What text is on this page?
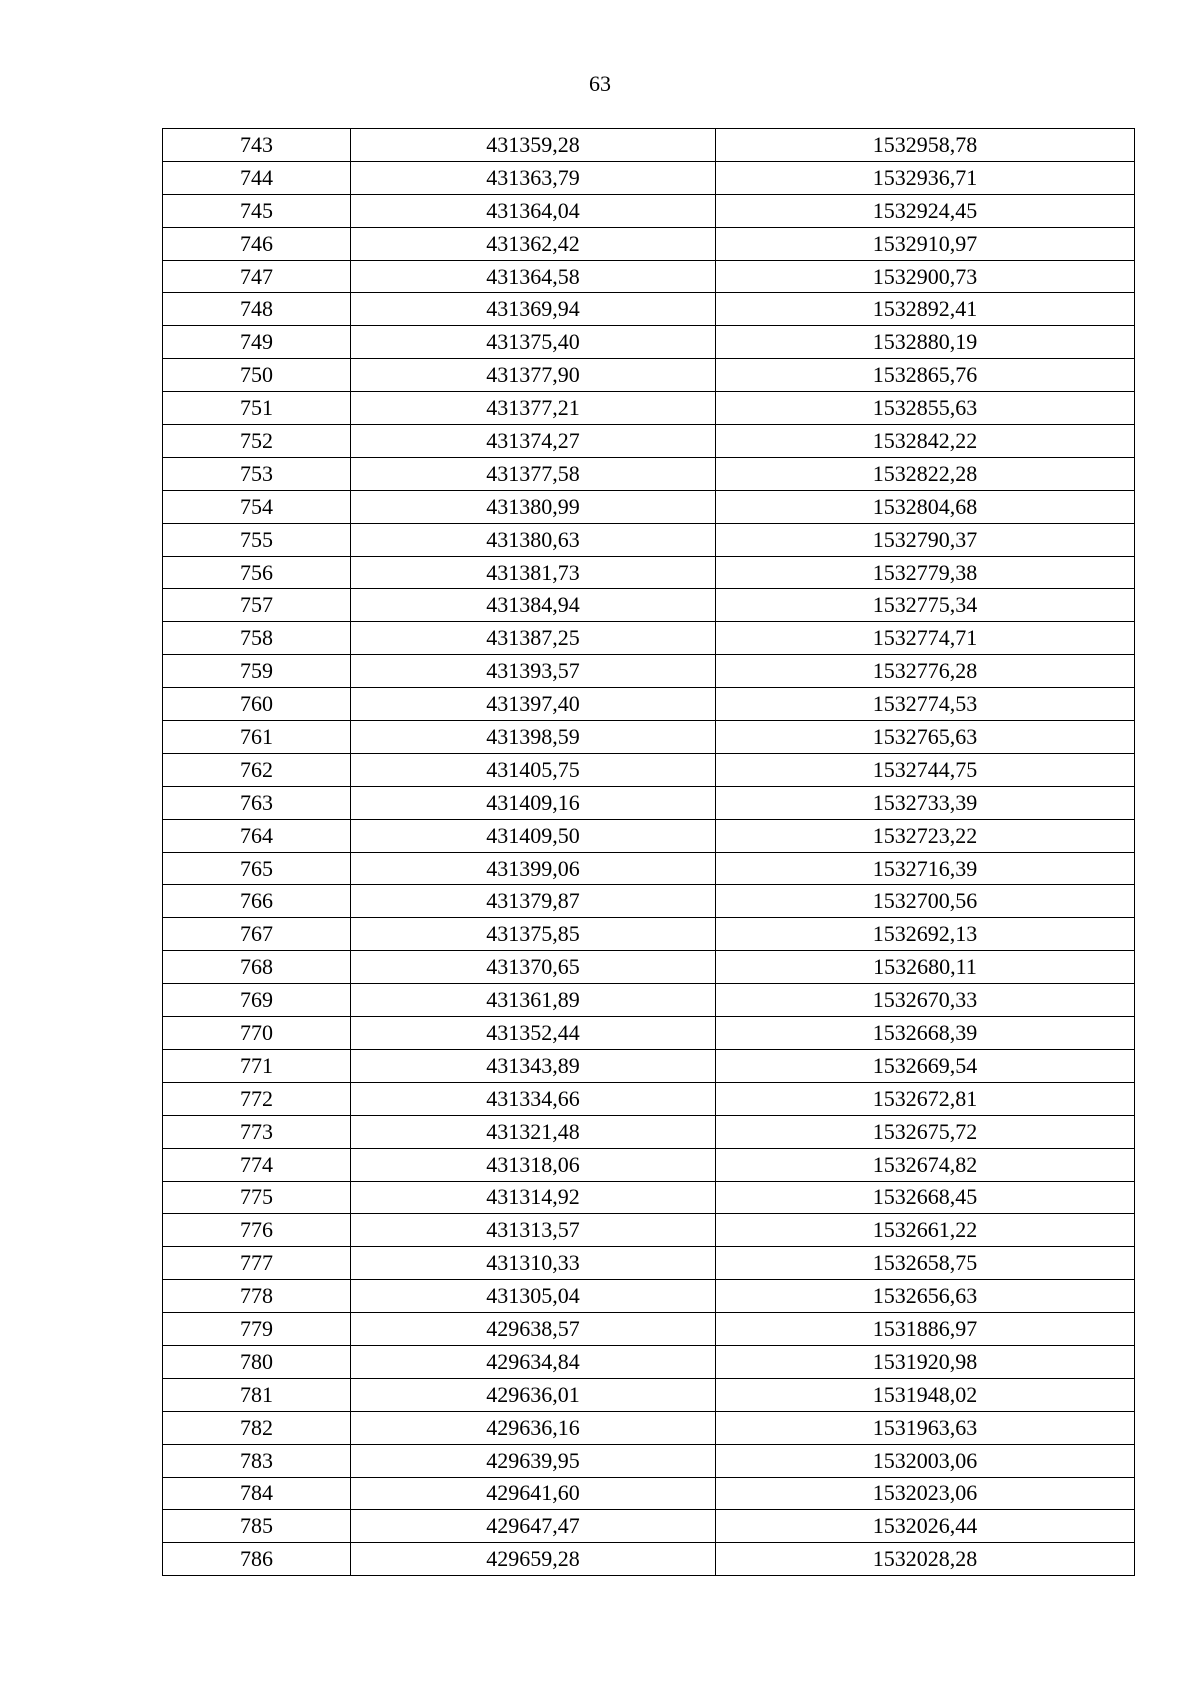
63
743	431359,28	1532958,78
744	431363,79	1532936,71
745	431364,04	1532924,45
746	431362,42	1532910,97
747	431364,58	1532900,73
748	431369,94	1532892,41
749	431375,40	1532880,19
750	431377,90	1532865,76
751	431377,21	1532855,63
752	431374,27	1532842,22
753	431377,58	1532822,28
754	431380,99	1532804,68
755	431380,63	1532790,37
756	431381,73	1532779,38
757	431384,94	1532775,34
758	431387,25	1532774,71
759	431393,57	1532776,28
760	431397,40	1532774,53
761	431398,59	1532765,63
762	431405,75	1532744,75
763	431409,16	1532733,39
764	431409,50	1532723,22
765	431399,06	1532716,39
766	431379,87	1532700,56
767	431375,85	1532692,13
768	431370,65	1532680,11
769	431361,89	1532670,33
770	431352,44	1532668,39
771	431343,89	1532669,54
772	431334,66	1532672,81
773	431321,48	1532675,72
774	431318,06	1532674,82
775	431314,92	1532668,45
776	431313,57	1532661,22
777	431310,33	1532658,75
778	431305,04	1532656,63
779	429638,57	1531886,97
780	429634,84	1531920,98
781	429636,01	1531948,02
782	429636,16	1531963,63
783	429639,95	1532003,06
784	429641,60	1532023,06
785	429647,47	1532026,44
786	429659,28	1532028,28
